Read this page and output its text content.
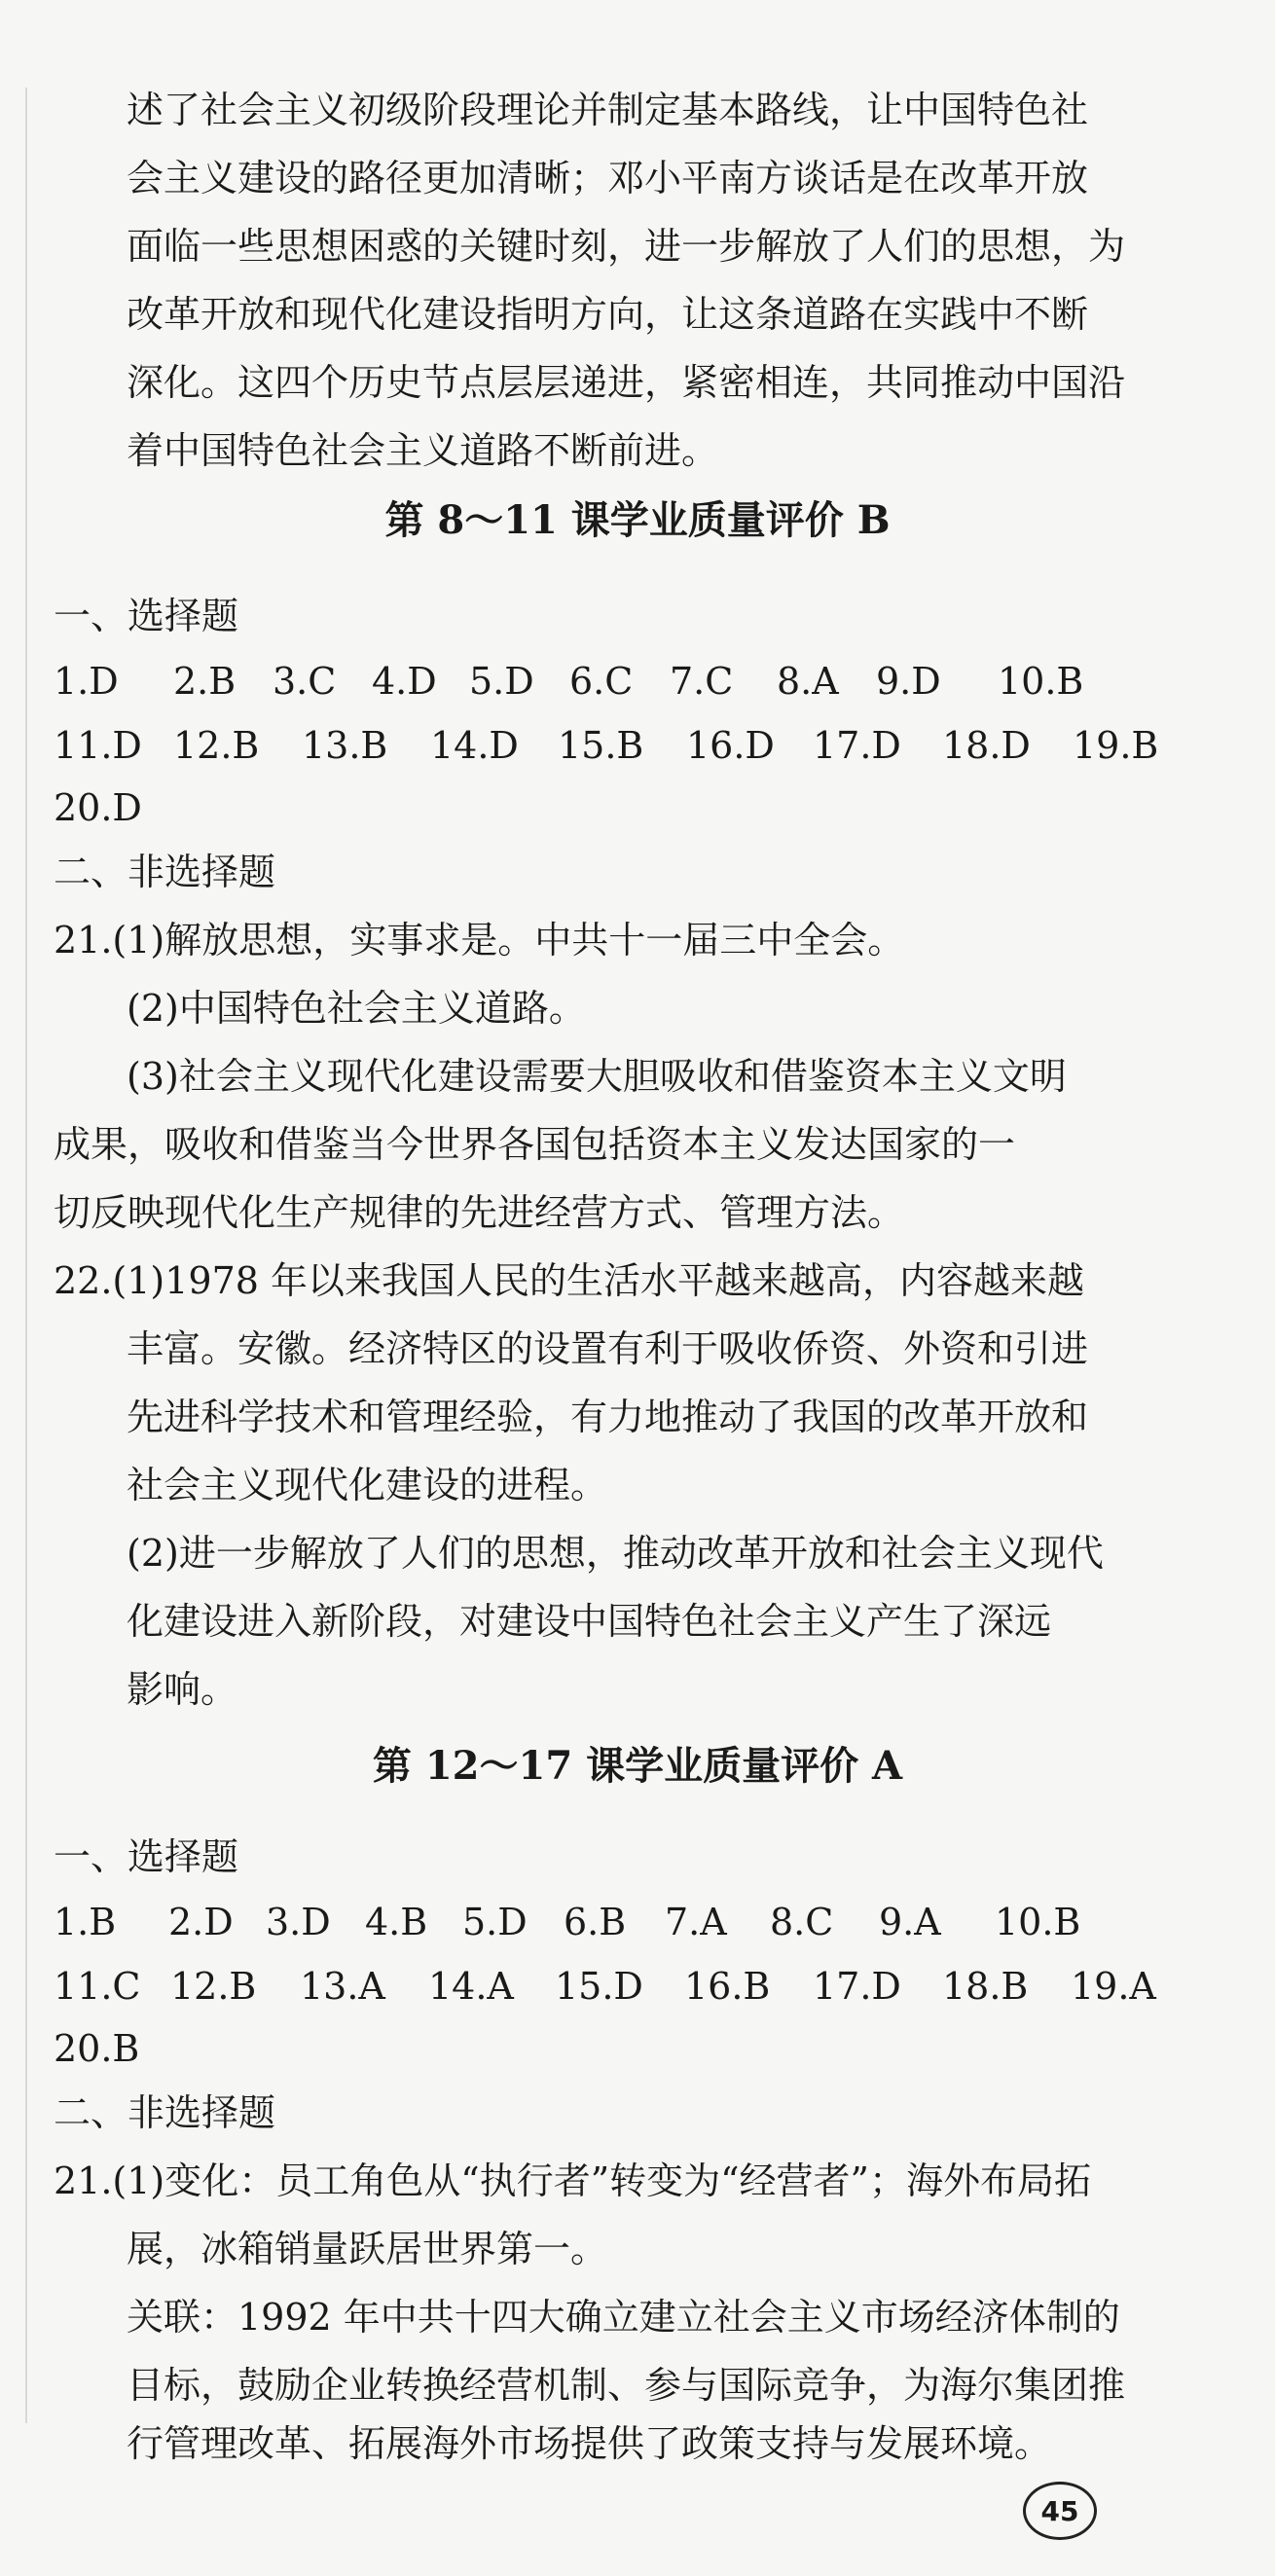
述了社会主义初级阶段理论并制定基本路线，让中国特色社
会主义建设的路径更加清晰；邓小平南方谈话是在改革开放
面临一些思想困惑的关键时刻，进一步解放了人们的思想，为
改革开放和现代化建设指明方向，让这条道路在实践中不断
深化。这四个历史节点层层递进，紧密相连，共同推动中国沿
着中国特色社会主义道路不断前进。
第 8～11 课学业质量评价 B
一、选择题
1.D 2.B 3.C 4.D 5.D 6.C 7.C 8.A 9.D 10.B
11.D 12.B 13.B 14.D 15.B 16.D 17.D 18.D 19.B
20.D
二、非选择题
21.(1)解放思想，实事求是。中共十一届三中全会。
(2)中国特色社会主义道路。
(3)社会主义现代化建设需要大胆吸收和借鉴资本主义文明
成果，吸收和借鉴当今世界各国包括资本主义发达国家的一
切反映现代化生产规律的先进经营方式、管理方法。
22.(1)1978 年以来我国人民的生活水平越来越高，内容越来越
丰富。安徽。经济特区的设置有利于吸收侨资、外资和引进
先进科学技术和管理经验，有力地推动了我国的改革开放和
社会主义现代化建设的进程。
(2)进一步解放了人们的思想，推动改革开放和社会主义现代
化建设进入新阶段，对建设中国特色社会主义产生了深远
影响。
第 12～17 课学业质量评价 A
一、选择题
1.B 2.D 3.D 4.B 5.D 6.B 7.A 8.C 9.A 10.B
11.C 12.B 13.A 14.A 15.D 16.B 17.D 18.B 19.A
20.B
二、非选择题
21.(1)变化：员工角色从“执行者”转变为“经营者”；海外布局拓
展，冰箱销量跃居世界第一。
关联：1992 年中共十四大确立建立社会主义市场经济体制的
目标，鼓励企业转换经营机制、参与国际竞争，为海尔集团推
行管理改革、拓展海外市场提供了政策支持与发展环境。
45
